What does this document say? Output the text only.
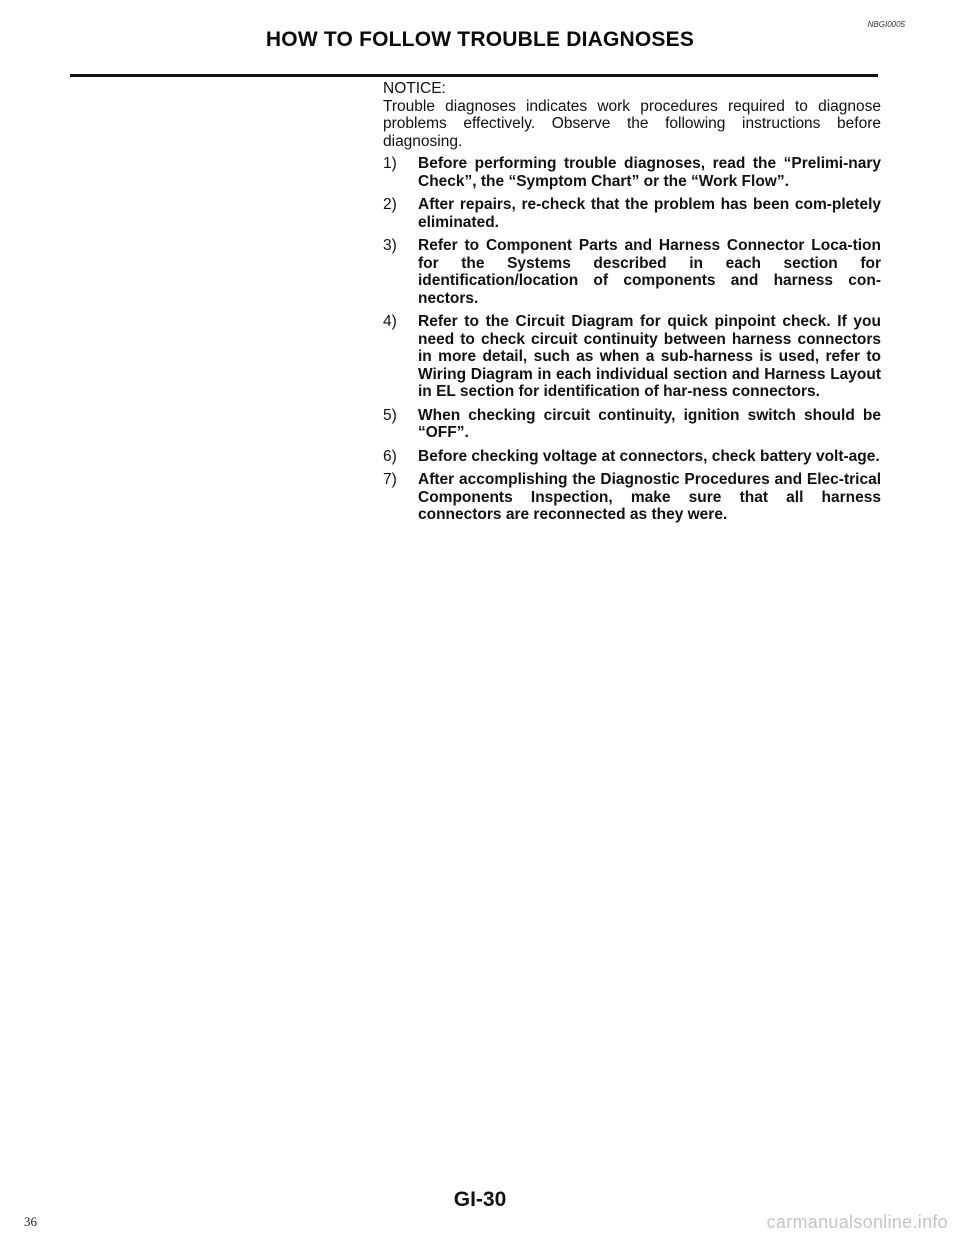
NBGI0005
HOW TO FOLLOW TROUBLE DIAGNOSES

NOTICE:

Trouble diagnoses indicates work procedures required to diagnose problems effectively. Observe the following instructions before diagnosing.

1)	Before performing trouble diagnoses, read the “Prelimi-nary Check”, the “Symptom Chart” or the “Work Flow”.
2)	After repairs, re-check that the problem has been com-pletely eliminated.
3)	Refer to Component Parts and Harness Connector Loca-tion for the Systems described in each section for identification/location of components and harness con-nectors.
4)	Refer to the Circuit Diagram for quick pinpoint check. If you need to check circuit continuity between harness connectors in more detail, such as when a sub-harness is used, refer to Wiring Diagram in each individual section and Harness Layout in EL section for identification of har-ness connectors.
5)	When checking circuit continuity, ignition switch should be “OFF”.
6)	Before checking voltage at connectors, check battery volt-age.
7)	After accomplishing the Diagnostic Procedures and Elec-trical Components Inspection, make sure that all harness connectors are reconnected as they were.
GI-30
36	carmanualsonline.info
